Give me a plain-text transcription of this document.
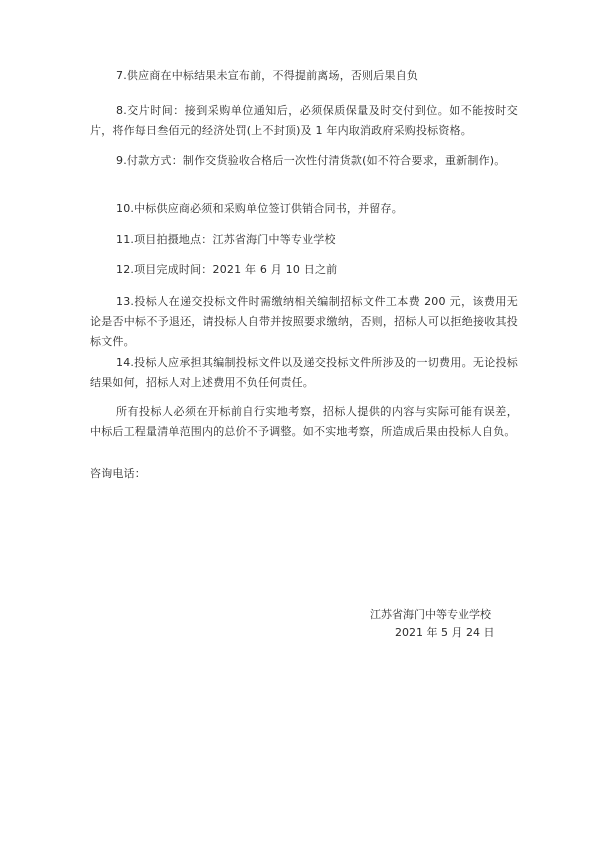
7.供应商在中标结果未宣布前，不得提前离场，否则后果自负

8.交片时间：接到采购单位通知后，必须保质保量及时交付到位。如不能按时交片，将作每日叁佰元的经济处罚(上不封顶)及 1 年内取消政府采购投标资格。

9.付款方式：制作交货验收合格后一次性付清货款(如不符合要求，重新制作)。

10.中标供应商必须和采购单位签订供销合同书，并留存。

11.项目拍摄地点：江苏省海门中等专业学校

12.项目完成时间：2021 年 6 月 10 日之前

13.投标人在递交投标文件时需缴纳相关编制招标文件工本费 200 元，该费用无论是否中标不予退还，请投标人自带并按照要求缴纳，否则，招标人可以拒绝接收其投标文件。

14.投标人应承担其编制投标文件以及递交投标文件所涉及的一切费用。无论投标结果如何，招标人对上述费用不负任何责任。

所有投标人必须在开标前自行实地考察，招标人提供的内容与实际可能有误差，中标后工程量清单范围内的总价不予调整。如不实地考察，所造成后果由投标人自负。

咨询电话：

江苏省海门中等专业学校
2021 年 5 月 24 日
